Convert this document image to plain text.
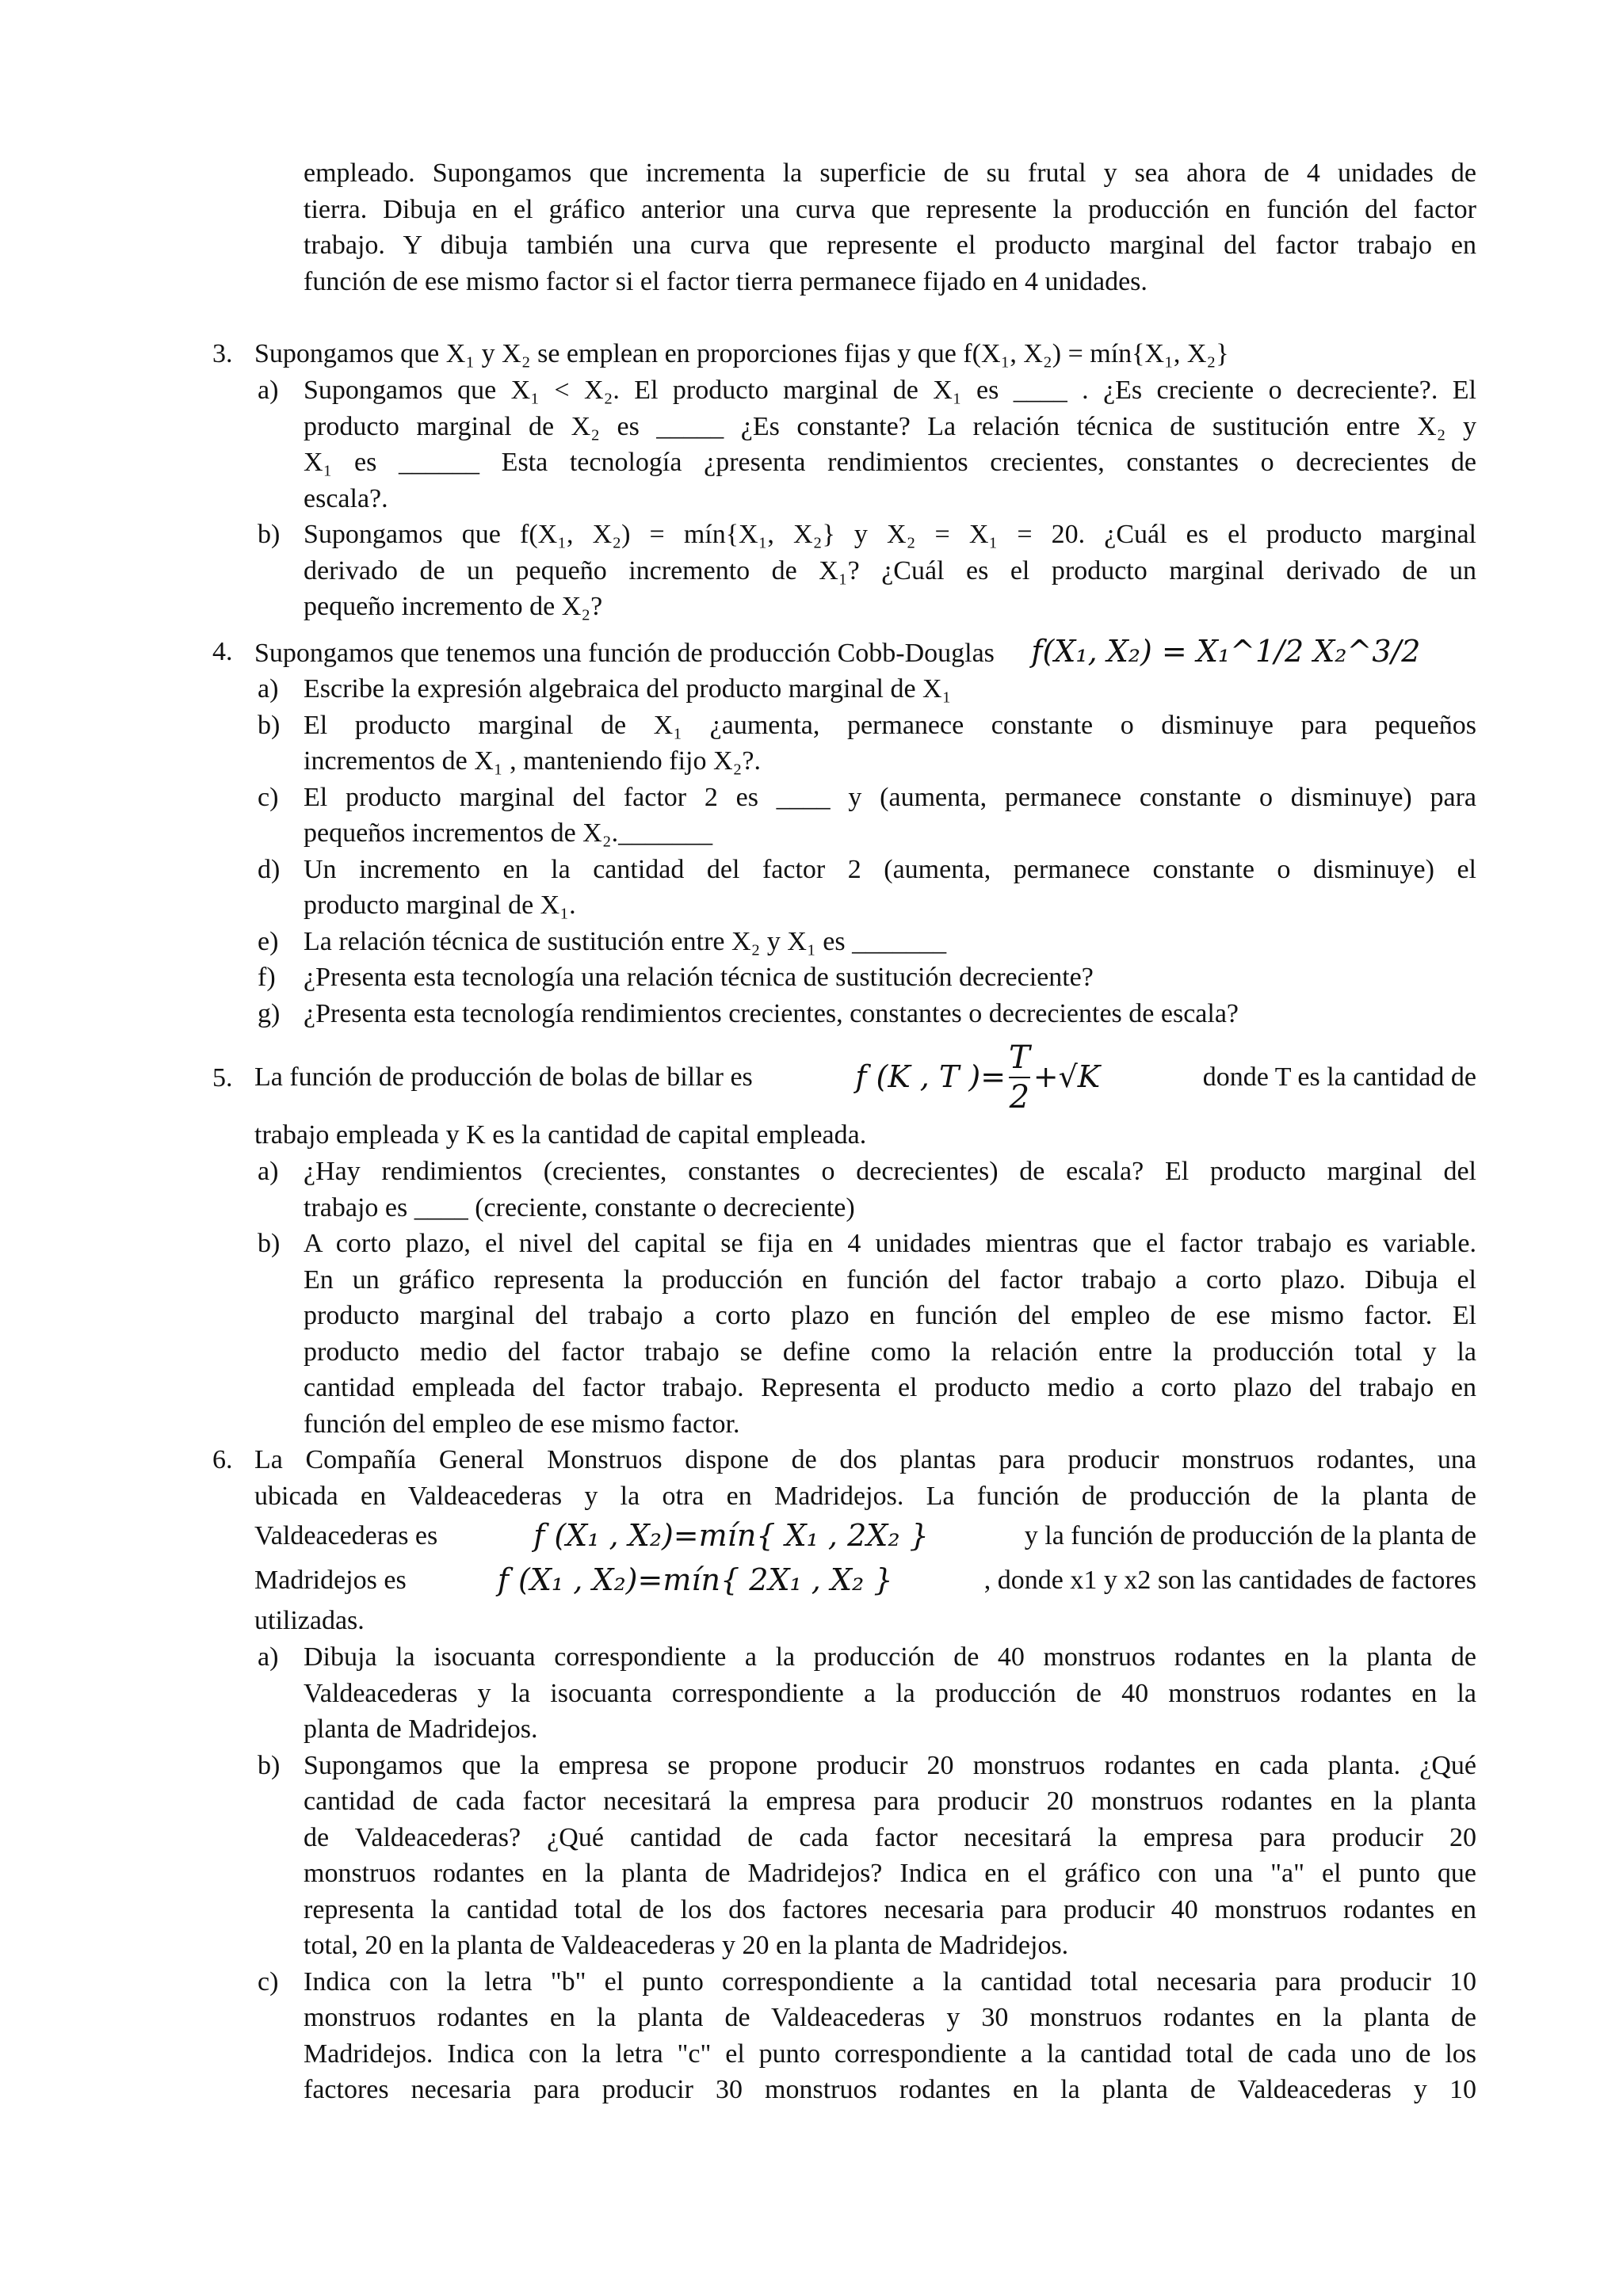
empleado. Supongamos que incrementa la superficie de su frutal y sea ahora de 4 unidades de
tierra. Dibuja en el gráfico anterior una curva que represente la producción en función del factor
trabajo. Y dibuja también una curva que represente el producto marginal del factor trabajo en
función de ese mismo factor si el factor tierra permanece fijado en 4 unidades.
3. Supongamos que X₁ y X₂ se emplean en proporciones fijas y que f(X₁, X₂) = mín{X₁, X₂}
a) Supongamos que X₁ < X₂. El producto marginal de X₁ es ____ . ¿Es creciente o decreciente?. El
producto marginal de X₂ es _____ ¿Es constante? La relación técnica de sustitución entre X₂ y
X₁ es ______ Esta tecnología ¿presenta rendimientos crecientes, constantes o decrecientes de
escala?.
b) Supongamos que f(X₁, X₂) = mín{X₁, X₂} y X₂ = X₁ = 20. ¿Cuál es el producto marginal
derivado de un pequeño incremento de X₁? ¿Cuál es el producto marginal derivado de un
pequeño incremento de X₂?
4. Supongamos que tenemos una función de producción Cobb-Douglas f(X₁, X₂) = X₁^1/2 X₂^3/2
a) Escribe la expresión algebraica del producto marginal de X₁
b) El producto marginal de X₁ ¿aumenta, permanece constante o disminuye para pequeños
incrementos de X₁ , manteniendo fijo X₂?.
c) El producto marginal del factor 2 es ____ y (aumenta, permanece constante o disminuye) para
pequeños incrementos de X₂._______
d) Un incremento en la cantidad del factor 2 (aumenta, permanece constante o disminuye) el
producto marginal de X₁.
e) La relación técnica de sustitución entre X₂ y X₁ es _______
f) ¿Presenta esta tecnología una relación técnica de sustitución decreciente?
g) ¿Presenta esta tecnología rendimientos crecientes, constantes o decrecientes de escala?
5. La función de producción de bolas de billar es	f (K , T )= $\frac{T}{2} +√K$	donde T es la cantidad de
trabajo empleada y K es la cantidad de capital empleada.
a) ¿Hay rendimientos (crecientes, constantes o decrecientes) de escala? El producto marginal del
trabajo es ____ (creciente, constante o decreciente)
b) A corto plazo, el nivel del capital se fija en 4 unidades mientras que el factor trabajo es variable.
En un gráfico representa la producción en función del factor trabajo a corto plazo. Dibuja el
producto marginal del trabajo a corto plazo en función del empleo de ese mismo factor. El
producto medio del factor trabajo se define como la relación entre la producción total y la
cantidad empleada del factor trabajo. Representa el producto medio a corto plazo del trabajo en
función del empleo de ese mismo factor.
6. La Compañía General Monstruos dispone de dos plantas para producir monstruos rodantes, una
ubicada en Valdeacederas y la otra en Madridejos. La función de producción de la planta de
Valdeacederas es	f (X₁ , X₂)=mín{ X₁ , 2X₂ }	y la función de producción de la planta de
Madridejos es	f (X₁ , X₂)=mín{ 2X₁ , X₂ }	, donde x1 y x2 son las cantidades de factores
utilizadas.
a) Dibuja la isocuanta correspondiente a la producción de 40 monstruos rodantes en la planta de
Valdeacederas y la isocuanta correspondiente a la producción de 40 monstruos rodantes en la
planta de Madridejos.
b) Supongamos que la empresa se propone producir 20 monstruos rodantes en cada planta. ¿Qué
cantidad de cada factor necesitará la empresa para producir 20 monstruos rodantes en la planta
de Valdeacederas? ¿Qué cantidad de cada factor necesitará la empresa para producir 20
monstruos rodantes en la planta de Madridejos? Indica en el gráfico con una "a" el punto que
representa la cantidad total de los dos factores necesaria para producir 40 monstruos rodantes en
total, 20 en la planta de Valdeacederas y 20 en la planta de Madridejos.
c) Indica con la letra "b" el punto correspondiente a la cantidad total necesaria para producir 10
monstruos rodantes en la planta de Valdeacederas y 30 monstruos rodantes en la planta de
Madridejos. Indica con la letra "c" el punto correspondiente a la cantidad total de cada uno de los
factores necesaria para producir 30 monstruos rodantes en la planta de Valdeacederas y 10
